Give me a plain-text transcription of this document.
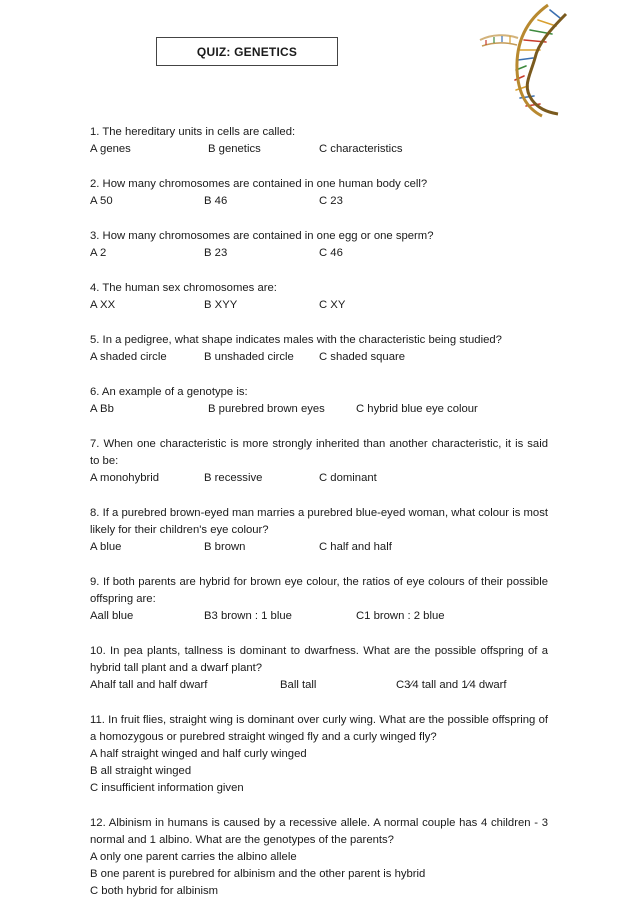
QUIZ: GENETICS
1. The hereditary units in cells are called:
A genes	B genetics	C characteristics
2. How many chromosomes are contained in one human body cell?
A 50	B 46	C 23
3. How many chromosomes are contained in one egg or one sperm?
A 2	B 23	C 46
4. The human sex chromosomes are:
A XX	B XYY	C XY
5. In a pedigree, what shape indicates males with the characteristic being studied?
A shaded circle	B unshaded circle C shaded square
6. An example of a genotype is:
A Bb	B purebred brown eyes	C hybrid blue eye colour
7. When one characteristic is more strongly inherited than another characteristic, it is said to be:
A monohybrid	B recessive	C dominant
8. If a purebred brown-eyed man marries a purebred blue-eyed woman, what colour is most likely for their children's eye colour?
A blue	B brown	C half and half
9. If both parents are hybrid for brown eye colour, the ratios of eye colours of their possible offspring are:
Aall blue	B3 brown : 1 blue	C1 brown : 2 blue
10. In pea plants, tallness is dominant to dwarfness. What are the possible offspring of a hybrid tall plant and a dwarf plant?
Ahalf tall and half dwarf	Ball tall	C3⁄4 tall and 1⁄4 dwarf
11. In fruit flies, straight wing is dominant over curly wing. What are the possible offspring of a homozygous or purebred straight winged fly and a curly winged fly?
A half straight winged and half curly winged
B all straight winged
C insufficient information given
12. Albinism in humans is caused by a recessive allele. A normal couple has 4 children - 3 normal and 1 albino. What are the genotypes of the parents?
A only one parent carries the albino allele
B one parent is purebred for albinism and the other parent is hybrid
C both hybrid for albinism
